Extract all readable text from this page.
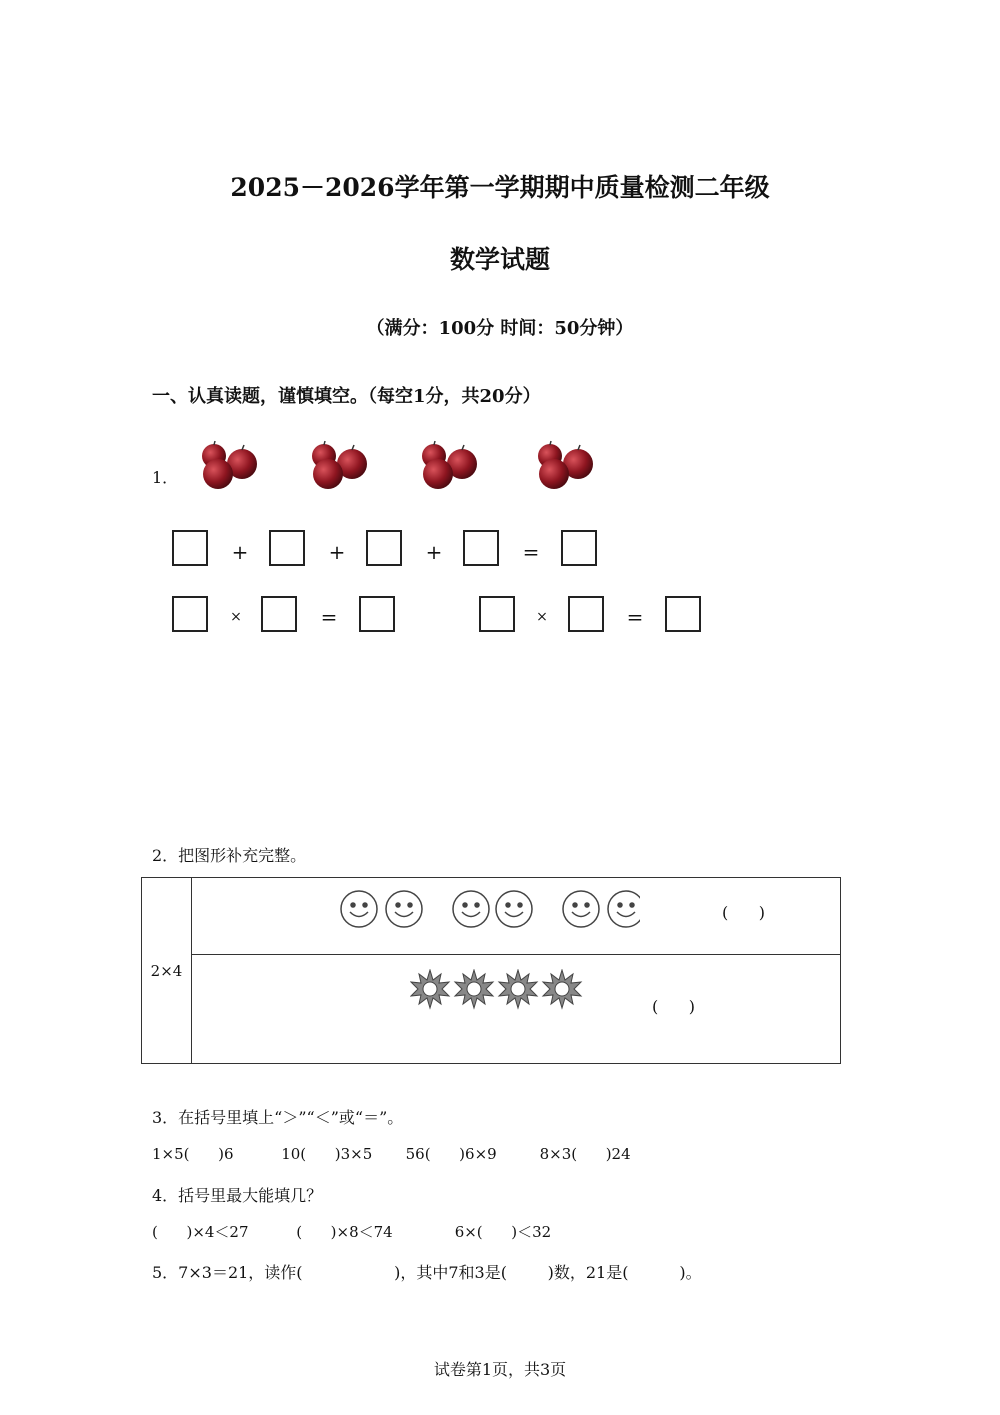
2025－2026学年第一学期期中质量检测二年级
数学试题
（满分：100分 时间：50分钟）
一、认真读题，谨慎填空。（每空1分，共20分）
1．
+	+	+	=
×	=	×	=
2．把图形补充完整。
2×4	
(      )

(      )
3．在括号里填上“＞”“＜”或“＝”。
1×5(      )6          10(      )3×5       56(      )6×9         8×3(      )24
4．括号里最大能填几？
(      )×4＜27          (      )×8＜74             6×(      )＜32
5．7×3＝21，读作(                  )，其中7和3是(        )数，21是(          )。
试卷第1页，共3页
